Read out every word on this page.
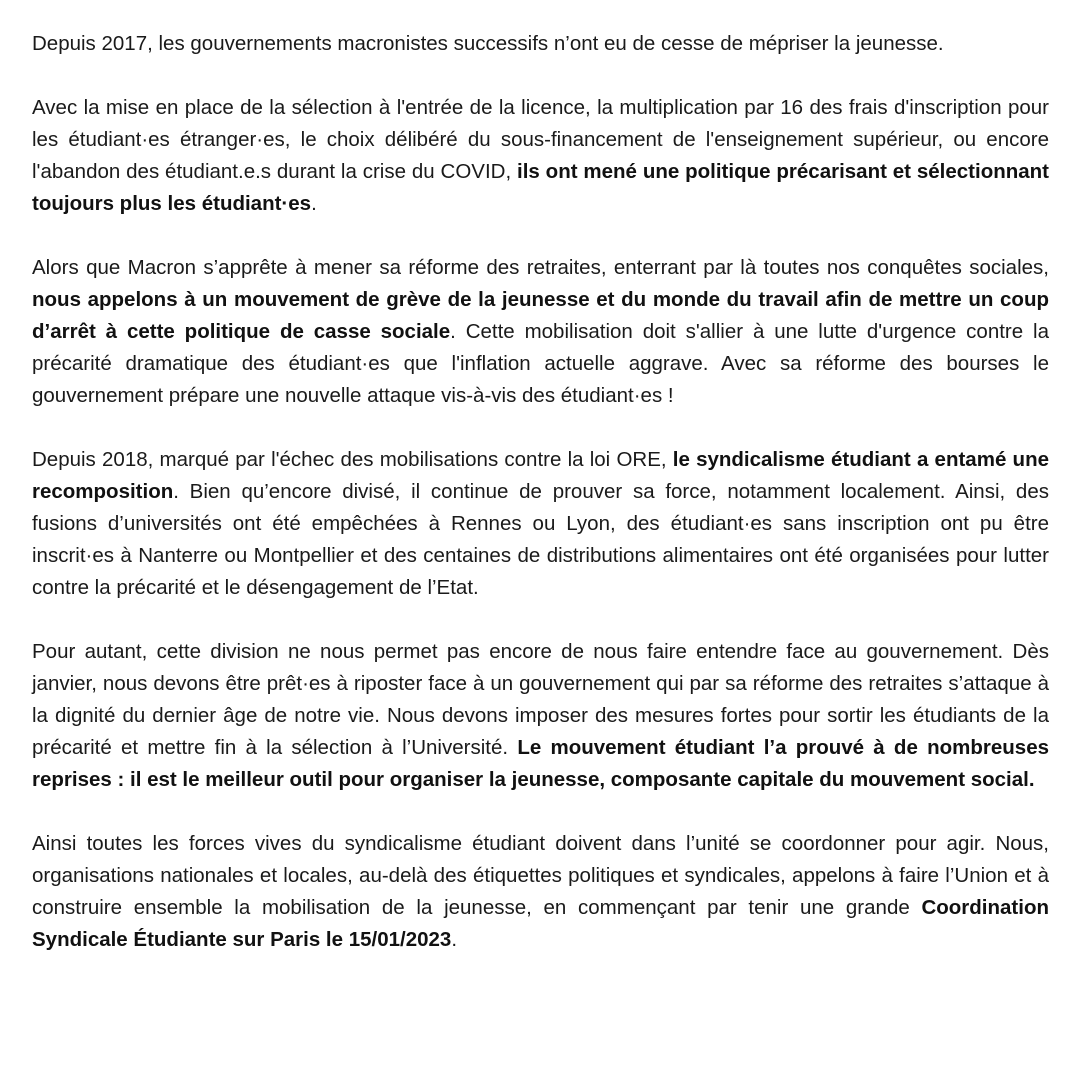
Depuis 2017, les gouvernements macronistes successifs n’ont eu de cesse de mépriser la jeunesse.

Avec la mise en place de la sélection à l'entrée de la licence, la multiplication par 16 des frais d'inscription pour les étudiant·es étranger·es, le choix délibéré du sous-financement de l'enseignement supérieur, ou encore l'abandon des étudiant.e.s durant la crise du COVID, ils ont mené une politique précarisant et sélectionnant toujours plus les étudiant·es.

Alors que Macron s’apprête à mener sa réforme des retraites, enterrant par là toutes nos conquêtes sociales, nous appelons à un mouvement de grève de la jeunesse et du monde du travail afin de mettre un coup d’arrêt à cette politique de casse sociale. Cette mobilisation doit s'allier à une lutte d'urgence contre la précarité dramatique des étudiant·es que l'inflation actuelle aggrave. Avec sa réforme des bourses le gouvernement prépare une nouvelle attaque vis-à-vis des étudiant·es !

Depuis 2018, marqué par l'échec des mobilisations contre la loi ORE, le syndicalisme étudiant a entamé une recomposition. Bien qu’encore divisé, il continue de prouver sa force, notamment localement. Ainsi, des fusions d’universités ont été empêchées à Rennes ou Lyon, des étudiant·es sans inscription ont pu être inscrit·es à Nanterre ou Montpellier et des centaines de distributions alimentaires ont été organisées pour lutter contre la précarité et le désengagement de l’Etat.

Pour autant, cette division ne nous permet pas encore de nous faire entendre face au gouvernement. Dès janvier, nous devons être prêt·es à riposter face à un gouvernement qui par sa réforme des retraites s’attaque à la dignité du dernier âge de notre vie. Nous devons imposer des mesures fortes pour sortir les étudiants de la précarité et mettre fin à la sélection à l’Université. Le mouvement étudiant l’a prouvé à de nombreuses reprises : il est le meilleur outil pour organiser la jeunesse, composante capitale du mouvement social.

Ainsi toutes les forces vives du syndicalisme étudiant doivent dans l’unité se coordonner pour agir. Nous, organisations nationales et locales, au-delà des étiquettes politiques et syndicales, appelons à faire l’Union et à construire ensemble la mobilisation de la jeunesse, en commençant par tenir une grande Coordination Syndicale Étudiante sur Paris le 15/01/2023.
